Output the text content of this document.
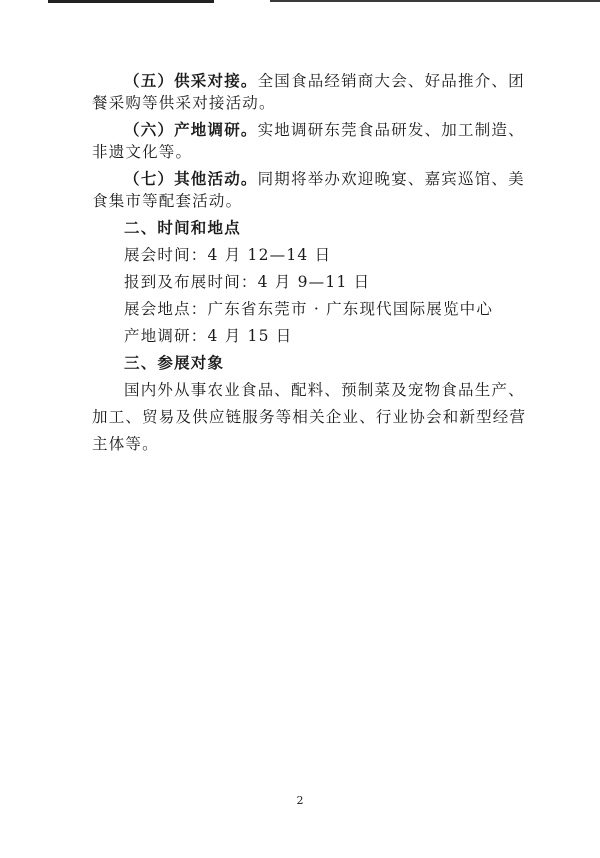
（五）供采对接。全国食品经销商大会、好品推介、团
餐采购等供采对接活动。
（六）产地调研。实地调研东莞食品研发、加工制造、
非遗文化等。
（七）其他活动。同期将举办欢迎晚宴、嘉宾巡馆、美
食集市等配套活动。
二、时间和地点
展会时间：4 月 12—14 日
报到及布展时间：4 月 9—11 日
展会地点：广东省东莞市 · 广东现代国际展览中心
产地调研：4 月 15 日
三、参展对象
国内外从事农业食品、配料、预制菜及宠物食品生产、
加工、贸易及供应链服务等相关企业、行业协会和新型经营
主体等。
2
